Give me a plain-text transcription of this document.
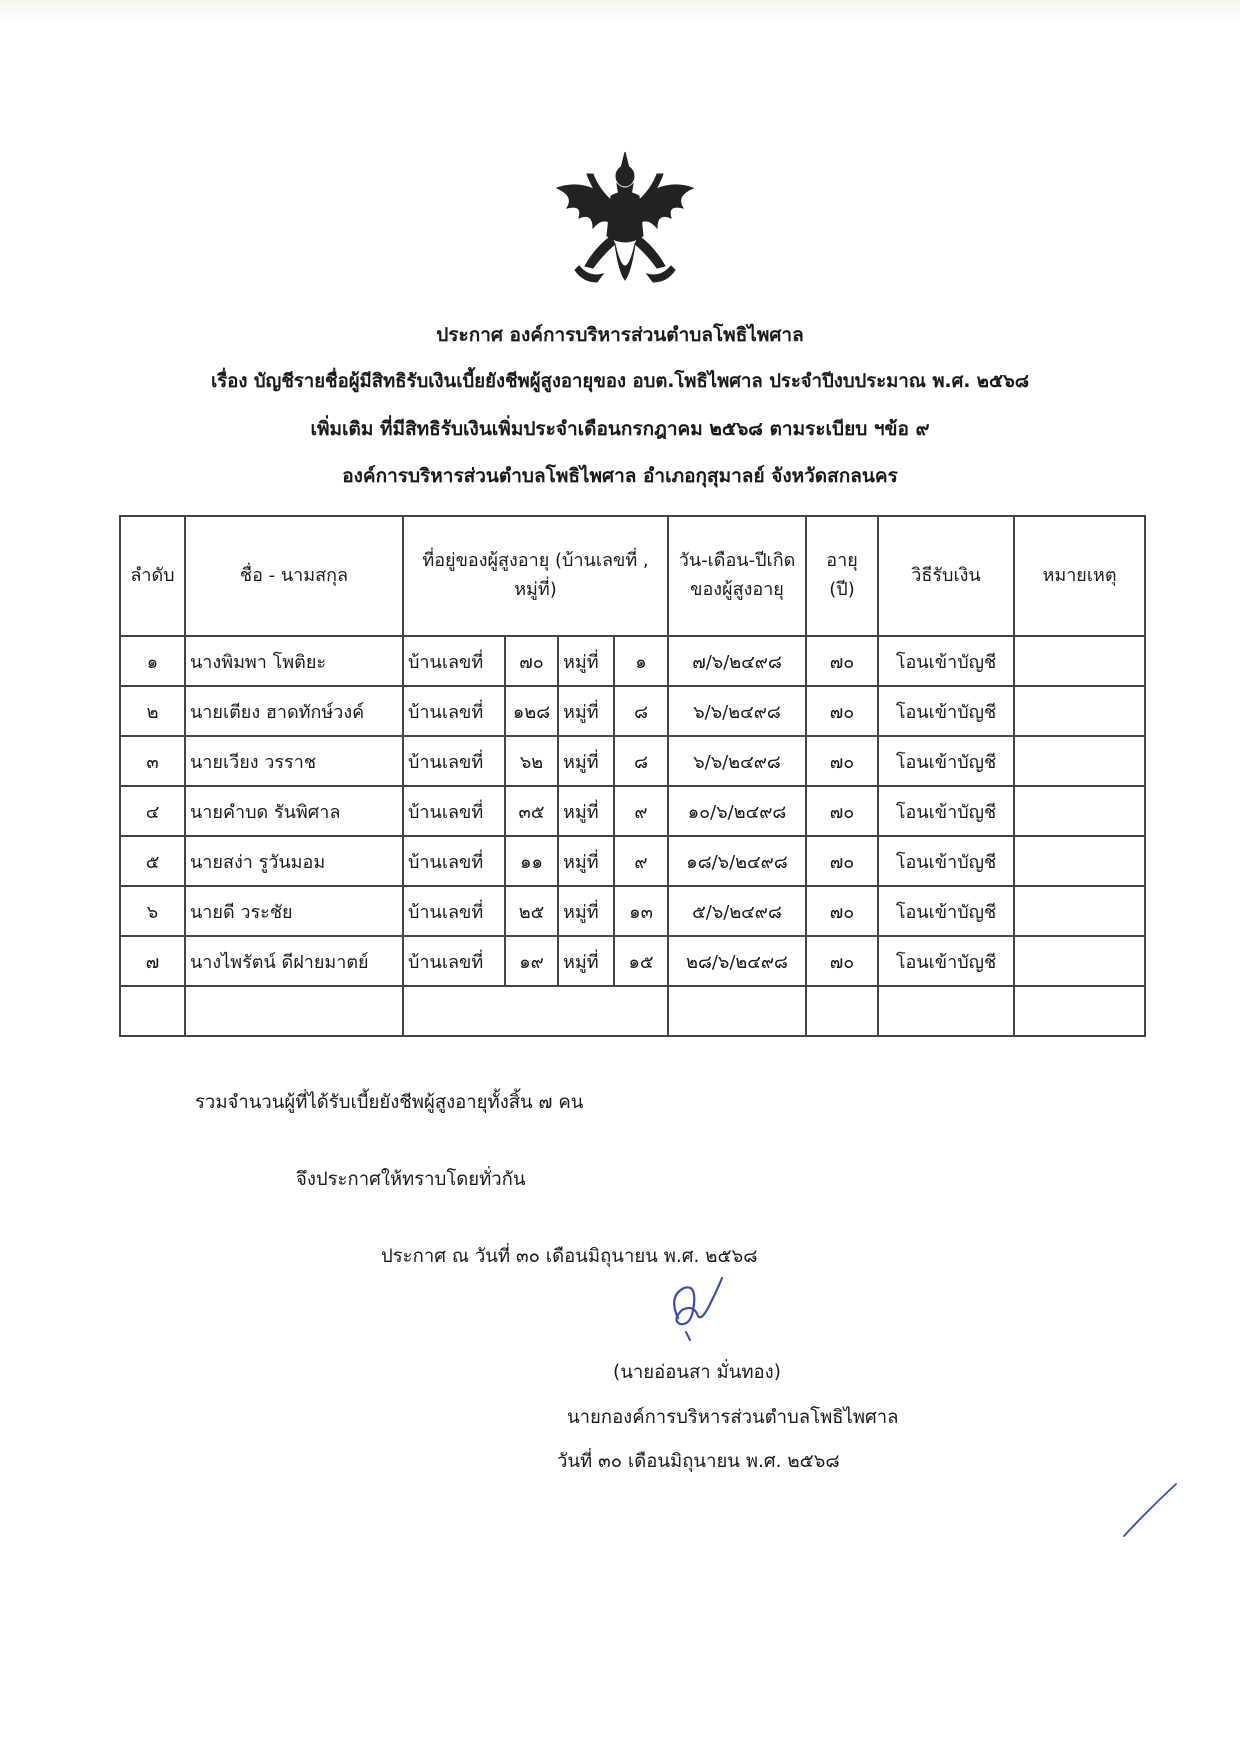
ประกาศ องค์การบริหารส่วนตำบลโพธิไพศาล
เรื่อง บัญชีรายชื่อผู้มีสิทธิรับเงินเบี้ยยังชีพผู้สูงอายุของ อบต.โพธิไพศาล ประจำปีงบประมาณ พ.ศ. ๒๕๖๘
เพิ่มเติม ที่มีสิทธิรับเงินเพิ่มประจำเดือนกรกฎาคม ๒๕๖๘ ตามระเบียบ ฯข้อ ๙
องค์การบริหารส่วนตำบลโพธิไพศาล อำเภอกุสุมาลย์ จังหวัดสกลนคร
ลำดับ	ชื่อ - นามสกุล	ที่อยู่ของผู้สูงอายุ (บ้านเลขที่ , หมู่ที่)				วัน-เดือน-ปีเกิด ของผู้สูงอายุ	อายุ (ปี)	วิธีรับเงิน	หมายเหตุ
๑	นางพิมพา โพติยะ	บ้านเลขที่	๗๐	หมู่ที่	๑	๗/๖/๒๔๙๘	๗๐	โอนเข้าบัญชี	
๒	นายเตียง ฮาดทักษ์วงค์	บ้านเลขที่	๑๒๘	หมู่ที่	๘	๖/๖/๒๔๙๘	๗๐	โอนเข้าบัญชี	
๓	นายเวียง วรราช	บ้านเลขที่	๖๒	หมู่ที่	๘	๖/๖/๒๔๙๘	๗๐	โอนเข้าบัญชี	
๔	นายคำบด รันพิศาล	บ้านเลขที่	๓๕	หมู่ที่	๙	๑๐/๖/๒๔๙๘	๗๐	โอนเข้าบัญชี	
๕	นายสง่า รูวันมอม	บ้านเลขที่	๑๑	หมู่ที่	๙	๑๘/๖/๒๔๙๘	๗๐	โอนเข้าบัญชี	
๖	นายดี วระชัย	บ้านเลขที่	๒๕	หมู่ที่	๑๓	๕/๖/๒๔๙๘	๗๐	โอนเข้าบัญชี	
๗	นางไพรัตน์ ดีฝายมาตย์	บ้านเลขที่	๑๙	หมู่ที่	๑๕	๒๘/๖/๒๔๙๘	๗๐	โอนเข้าบัญชี	

รวมจำนวนผู้ที่ได้รับเบี้ยยังชีพผู้สูงอายุทั้งสิ้น ๗ คน
จึงประกาศให้ทราบโดยทั่วกัน
ประกาศ ณ วันที่ ๓๐ เดือนมิถุนายน พ.ศ. ๒๕๖๘
(นายอ่อนสา มั่นทอง)
นายกองค์การบริหารส่วนตำบลโพธิไพศาล
วันที่ ๓๐ เดือนมิถุนายน พ.ศ. ๒๕๖๘
